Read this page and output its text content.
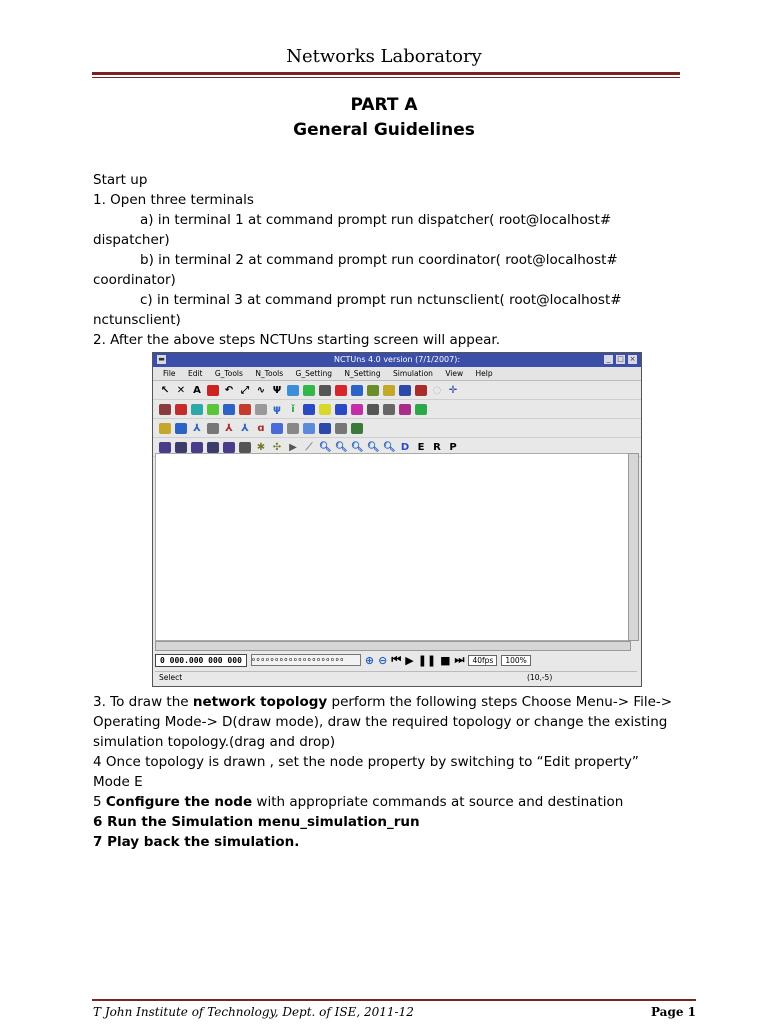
Networks Laboratory
PART A
General Guidelines

Start up

1. Open three terminals

a) in terminal 1 at command prompt run dispatcher( root@localhost#

dispatcher)

b) in terminal 2 at command prompt run coordinator( root@localhost#

coordinator)

c) in terminal 3 at command prompt run nctunsclient( root@localhost#

nctunsclient)

2. After the above steps NCTUns starting screen will appear.

▬	NCTUns 4.0 version (7/1/2007):	_ □ ×
File Edit G_Tools N_Tools G_Setting N_Setting Simulation View Help
↖ ✕ A ↶ ⤢ ∿ Ψ	◌ ✛
ψ	ǐ
⅄ ⅄ ⅄ ɑ
✱ ✣ ▶ ⟋ 🔍︎ 🔍︎ 🔍︎ 🔍︎ 🔍︎ D E R P
0 000.000 000 000	o o o o o o o o o o o o o o o o o o o o	⊕ ⊖ ⏮ ▶ ❚❚ ■ ⏭	40fps	100%
Select	(10,-5)

3. To draw the network topology perform the following steps Choose Menu-> File-> Operating Mode-> D(draw mode), draw the required topology or change the existing simulation topology.(drag and drop)

4 Once topology is drawn , set the node property by switching to “Edit property”

Mode E

5 Configure the node with appropriate commands at source and destination

6 Run the Simulation menu_simulation_run

7 Play back the simulation.

T John Institute of Technology, Dept. of ISE, 2011-12	Page 1
